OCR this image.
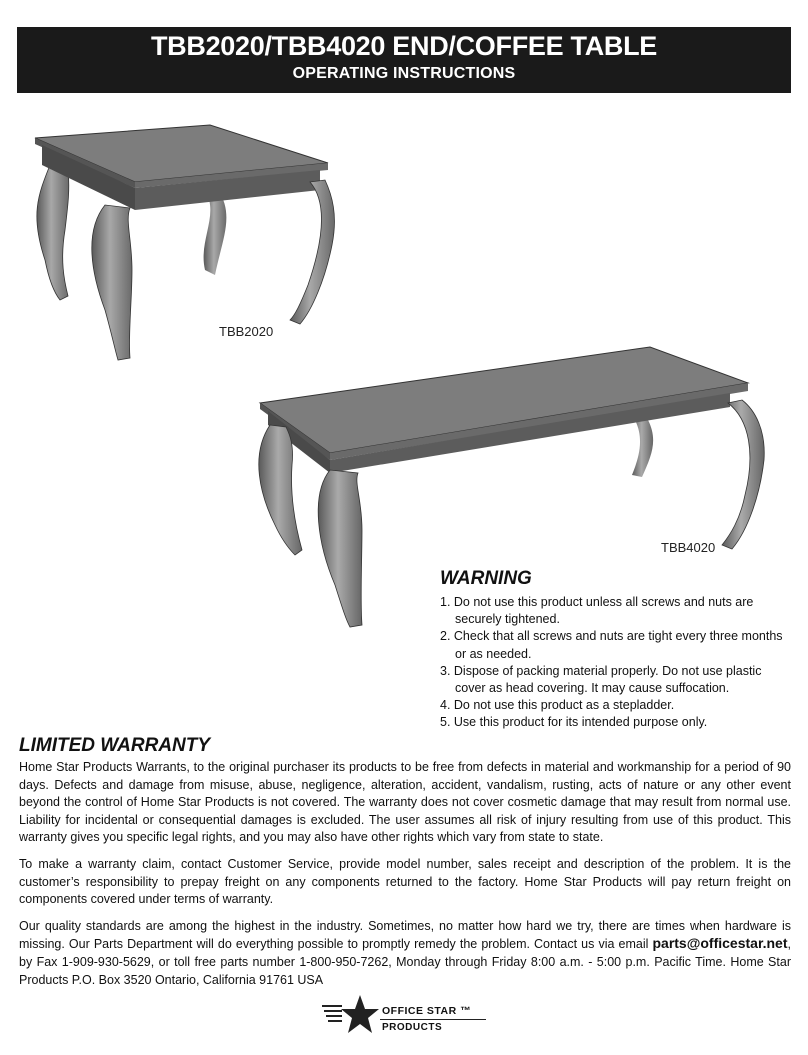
TBB2020/TBB4020 END/COFFEE TABLE
OPERATING INSTRUCTIONS
TBB2020
TBB4020
WARNING
1. Do not use this product unless all screws and nuts are securely tightened.
2. Check that all screws and nuts are tight every three months or as needed.
3. Dispose of packing material properly. Do not use plastic cover as head covering. It may cause suffocation.
4. Do not use this product as a stepladder.
5. Use this product for its intended purpose only.
LIMITED WARRANTY

Home Star Products Warrants, to the original purchaser its products to be free from defects in material and workmanship for a period of 90 days. Defects and damage from misuse, abuse, negligence, alteration, accident, vandalism, rusting, acts of nature or any other event beyond the control of Home Star Products is not covered. The warranty does not cover cosmetic damage that may result from normal use. Liability for incidental or consequential damages is excluded. The user assumes all risk of injury resulting from use of this product. This warranty gives you specific legal rights, and you may also have other rights which vary from state to state.

To make a warranty claim, contact Customer Service, provide model number, sales receipt and description of the problem. It is the customer’s responsibility to prepay freight on any components returned to the factory. Home Star Products will pay return freight on components covered under terms of warranty.

Our quality standards are among the highest in the industry. Sometimes, no matter how hard we try, there are times when hardware is missing. Our Parts Department will do everything possible to promptly remedy the problem. Contact us via email parts@officestar.net, by Fax 1-909-930-5629, or toll free parts number 1-800-950-7262, Monday through Friday 8:00 a.m. - 5:00 p.m. Pacific Time. Home Star Products P.O. Box 3520 Ontario, California 91761 USA

OFFICE STAR ™
PRODUCTS
